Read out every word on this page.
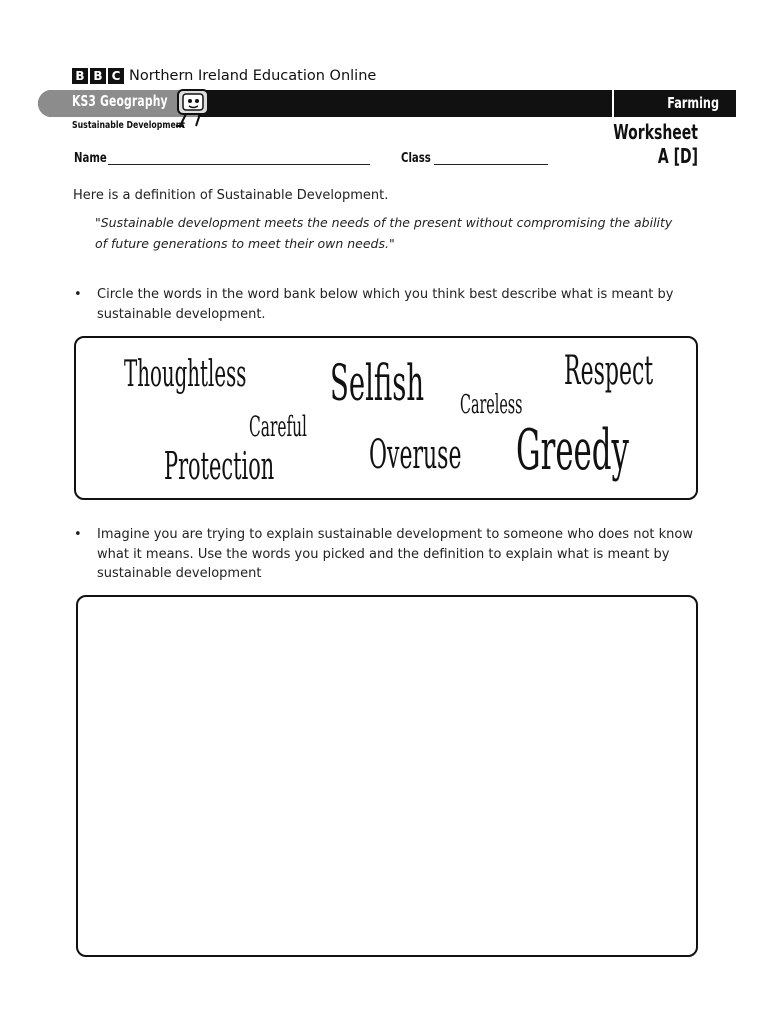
B B C Northern Ireland Education Online
KS3 Geography	Farming
Sustainable Development	Worksheet A [D]
Name	Class
Here is a definition of Sustainable Development.
"Sustainable development meets the needs of the present without compromising the ability
of future generations to meet their own needs."
• Circle the words in the word bank below which you think best describe what is meant by
sustainable development.
Thoughtless Selfish Careless
Respect
Careful
Protection Overuse Greedy
• Imagine you are trying to explain sustainable development to someone who does not know
what it means. Use the words you picked and the definition to explain what is meant by
sustainable development
